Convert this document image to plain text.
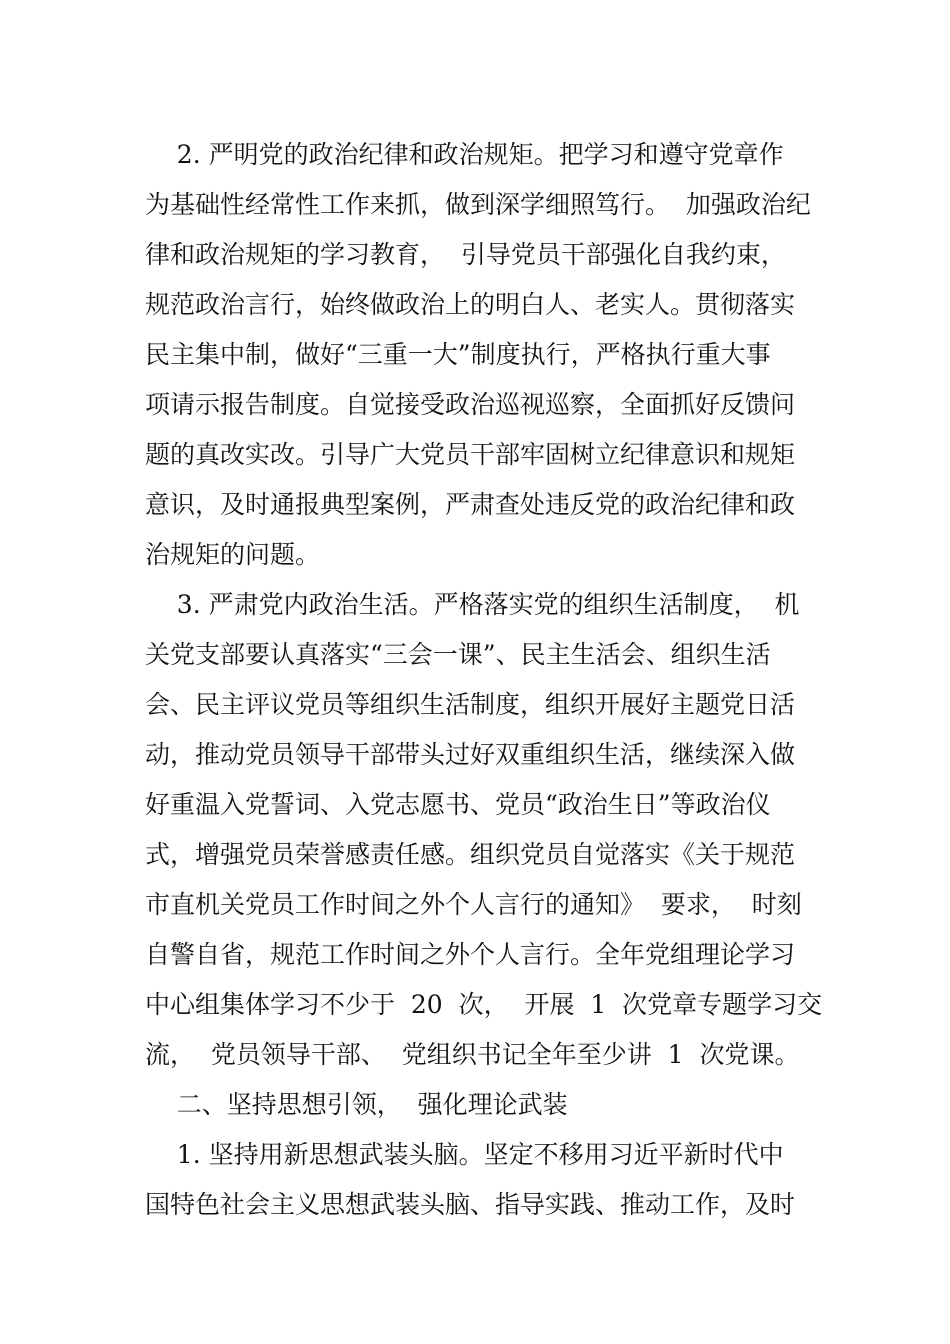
2. 严明党的政治纪律和政治规矩。把学习和遵守党章作
为基础性经常性工作来抓，做到深学细照笃行。  加强政治纪
律和政治规矩的学习教育，  引导党员干部强化自我约束，
规范政治言行，始终做政治上的明白人、老实人。贯彻落实
民主集中制，做好“三重一大”制度执行，严格执行重大事
项请示报告制度。自觉接受政治巡视巡察，全面抓好反馈问
题的真改实改。引导广大党员干部牢固树立纪律意识和规矩
意识，及时通报典型案例，严肃查处违反党的政治纪律和政
治规矩的问题。
3. 严肃党内政治生活。严格落实党的组织生活制度，  机
关党支部要认真落实“三会一课”、民主生活会、组织生活
会、民主评议党员等组织生活制度，组织开展好主题党日活
动，推动党员领导干部带头过好双重组织生活，继续深入做
好重温入党誓词、入党志愿书、党员“政治生日”等政治仪
式，增强党员荣誉感责任感。组织党员自觉落实《关于规范
市直机关党员工作时间之外个人言行的通知》  要求，  时刻
自警自省，规范工作时间之外个人言行。全年党组理论学习
中心组集体学习不少于  20  次，  开展  1  次党章专题学习交
流，  党员领导干部、  党组织书记全年至少讲  1  次党课。
二、坚持思想引领，  强化理论武装
1. 坚持用新思想武装头脑。坚定不移用习近平新时代中
国特色社会主义思想武装头脑、指导实践、推动工作，及时
